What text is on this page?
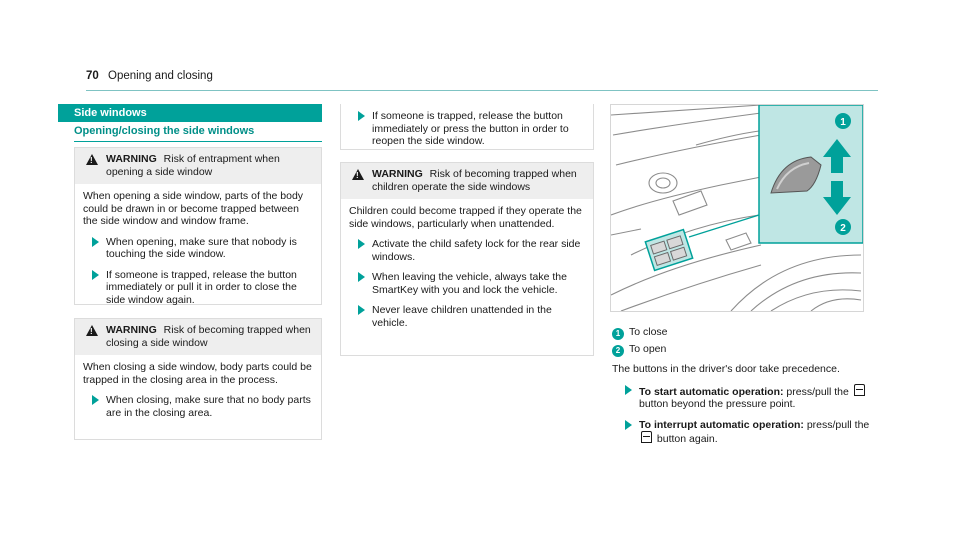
70 Opening and closing
Side windows
Opening/closing the side windows
!
WARNING Risk of entrapment when opening a side window
When opening a side window, parts of the body could be drawn in or become trapped between the side window and window frame.
When opening, make sure that nobody is touching the side window.
If someone is trapped, release the button immediately or pull it in order to close the side window again.
!
WARNING Risk of becoming trapped when closing a side window
When closing a side window, body parts could be trapped in the closing area in the process.
When closing, make sure that no body parts are in the closing area.
If someone is trapped, release the button immediately or press the button in order to reopen the side window.
!
WARNING Risk of becoming trapped when children operate the side windows
Children could become trapped if they operate the side windows, particularly when unattended.
Activate the child safety lock for the rear side windows.
When leaving the vehicle, always take the SmartKey with you and lock the vehicle.
Never leave children unattended in the vehicle.
1
2
1 To close
2 To open
The buttons in the driver's door take precedence.
To start automatic operation: press/pull the  button beyond the pressure point.
To interrupt automatic operation: press/pull the  button again.
